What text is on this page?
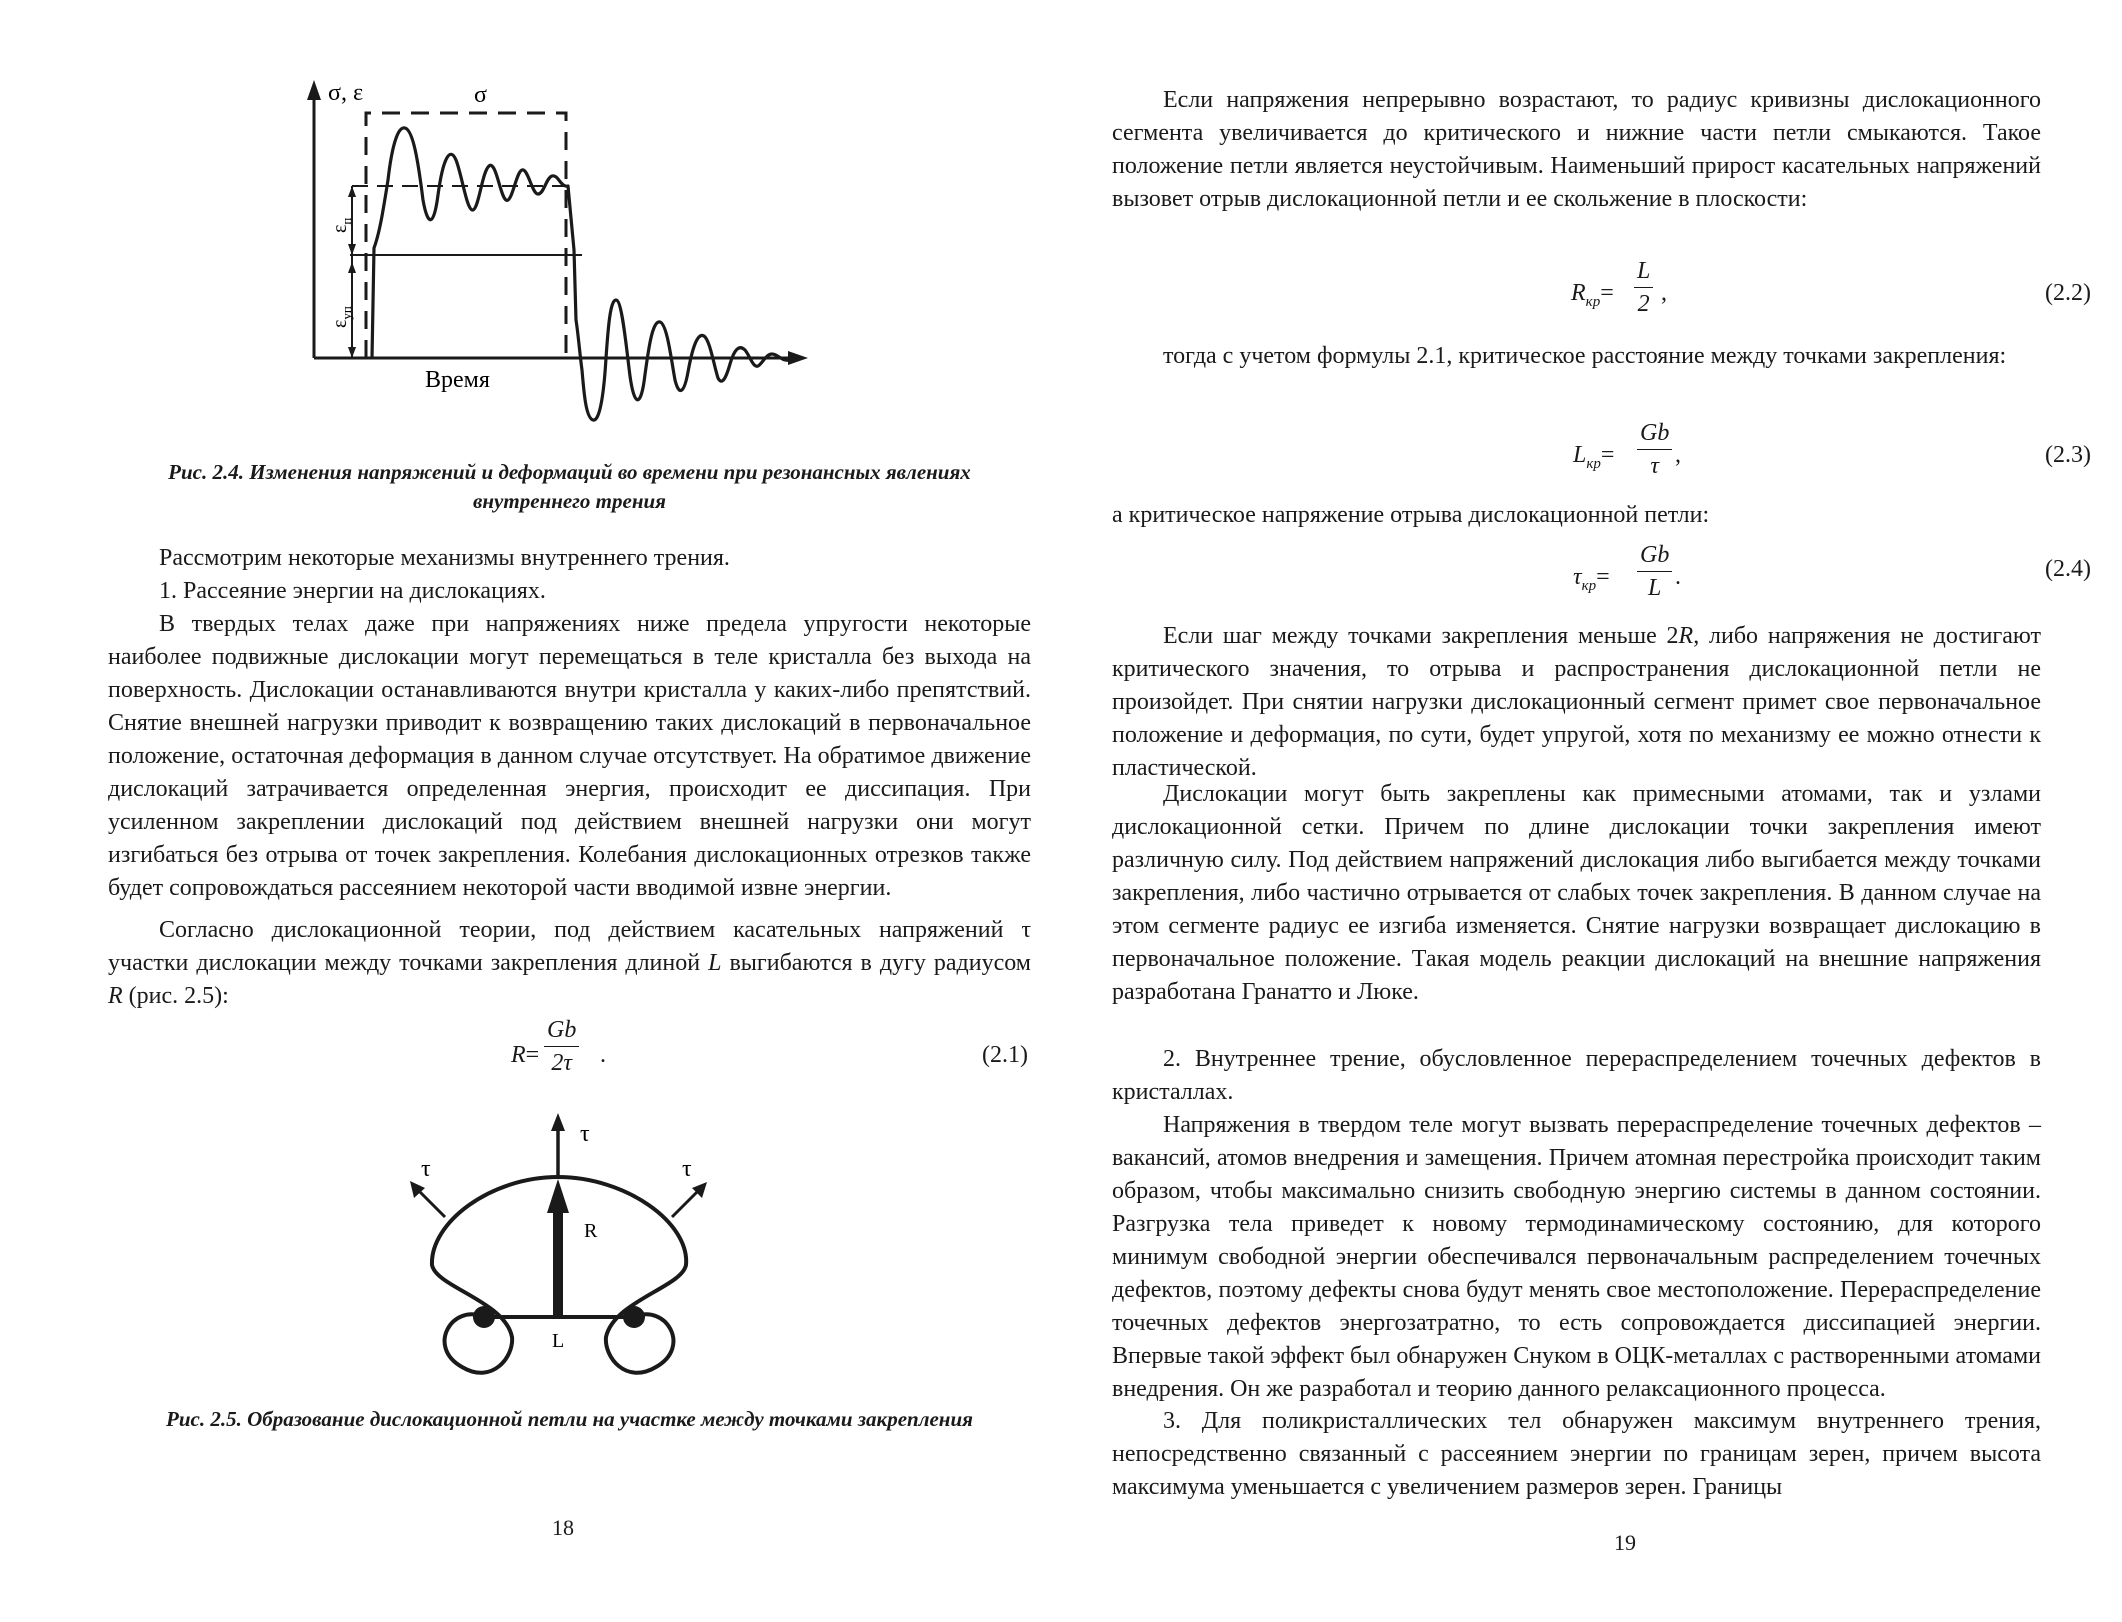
σ, ε	σ
Время
$\varepsilon_п$
$\varepsilon_{уп}$

Рис. 2.4. Изменения напряжений и деформаций во времени при резонансных явлениях
внутреннего трения

Рассмотрим некоторые механизмы внутреннего трения.

1. Рассеяние энергии на дислокациях.

В твердых телах даже при напряжениях ниже предела упругости некоторые наиболее подвижные дислокации могут перемещаться в теле кристалла без выхода на поверхность. Дислокации останавливаются внутри кристалла у каких-либо препятствий. Снятие внешней нагрузки приводит к возвращению таких дислокаций в первоначальное положение, остаточная деформация в данном случае отсутствует. На обратимое движение дислокаций затрачивается определенная энергия, происходит ее диссипация. При усиленном закреплении дислокаций под действием внешней нагрузки они могут изгибаться без отрыва от точек закрепления. Колебания дислокационных отрезков также будет сопровождаться рассеянием некоторой части вводимой извне энергии.

Согласно дислокационной теории, под действием касательных напряжений τ участки дислокации между точками закрепления длиной L выгибаются в дугу радиусом R (рис. 2.5):

$R= \frac{Gb}{2\tau}$ .	(2.1)
τ
τ	τ
R
L

Рис. 2.5. Образование дислокационной петли на участке между точками закрепления

18

Если напряжения непрерывно возрастают, то радиус кривизны дислокационного сегмента увеличивается до критического и нижние части петли смыкаются. Такое положение петли является неустойчивым. Наименьший прирост касательных напряжений вызовет отрыв дислокационной петли и ее скольжение в плоскости:

$R_{кр}= \frac{L}{2}$ ,	(2.2)

тогда с учетом формулы 2.1, критическое расстояние между точками закрепления:

$L_{кр}= \frac{Gb}{\tau}$ ,	(2.3)

а критическое напряжение отрыва дислокационной петли:

$\tau_{кр}= \frac{Gb}{L}$ .	(2.4)

Если шаг между точками закрепления меньше 2R, либо напряжения не достигают критического значения, то отрыва и распространения дислокационной петли не произойдет. При снятии нагрузки дислокационный сегмент примет свое первоначальное положение и деформация, по сути, будет упругой, хотя по механизму ее можно отнести к пластической.

Дислокации могут быть закреплены как примесными атомами, так и узлами дислокационной сетки. Причем по длине дислокации точки закрепления имеют различную силу. Под действием напряжений дислокация либо выгибается между точками закрепления, либо частично отрывается от слабых точек закрепления. В данном случае на этом сегменте радиус ее изгиба изменяется. Снятие нагрузки возвращает дислокацию в первоначальное положение. Такая модель реакции дислокаций на внешние напряжения разработана Гранатто и Люке.

2. Внутреннее трение, обусловленное перераспределением точечных дефектов в кристаллах.

Напряжения в твердом теле могут вызвать перераспределение точечных дефектов – вакансий, атомов внедрения и замещения. Причем атомная перестройка происходит таким образом, чтобы максимально снизить свободную энергию системы в данном состоянии. Разгрузка тела приведет к новому термодинамическому состоянию, для которого минимум свободной энергии обеспечивался первоначальным распределением точечных дефектов, поэтому дефекты снова будут менять свое местоположение. Перераспределение точечных дефектов энергозатратно, то есть сопровождается диссипацией энергии. Впервые такой эффект был обнаружен Снуком в ОЦК-металлах с растворенными атомами внедрения. Он же разработал и теорию данного релаксационного процесса.

3. Для поликристаллических тел обнаружен максимум внутреннего трения, непосредственно связанный с рассеянием энергии по границам зерен, причем высота максимума уменьшается с увеличением размеров зерен. Границы

19
